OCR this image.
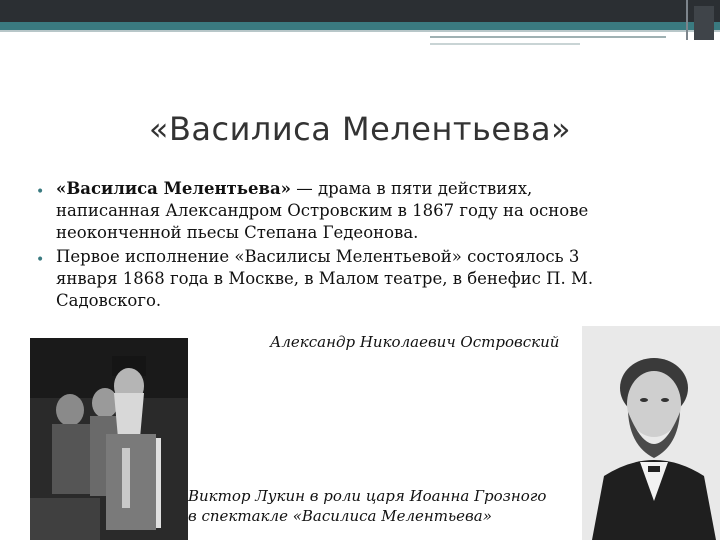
«Василиса Мелентьева»
• «Василиса Мелентьева» — драма в пяти действиях, написанная Александром Островским в 1867 году на основе неоконченной пьесы Степана Гедеонова.
• Первое исполнение «Василисы Мелентьевой» состоялось 3 января 1868 года в Москве, в Малом театре, в бенефис П. М. Садовского.
Александр Николаевич Островский
Виктор Лукин в роли царя Иоанна Грозного
в спектакле «Василиса Мелентьева»
